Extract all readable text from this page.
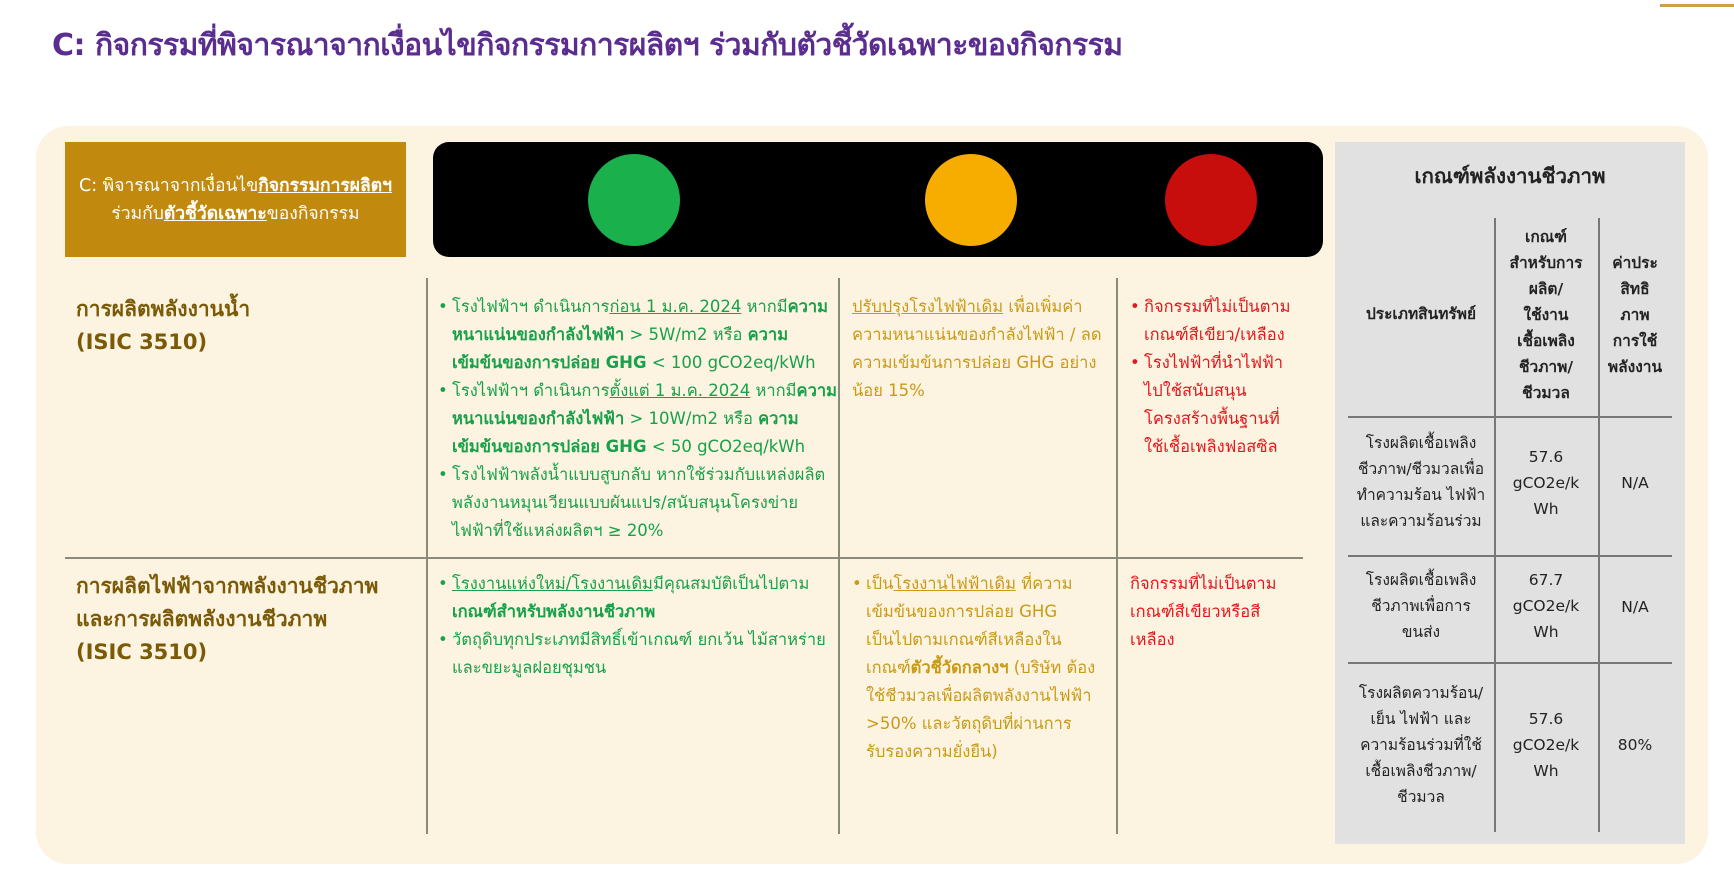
C: กิจกรรมที่พิจารณาจากเงื่อนไขกิจกรรมการผลิตฯ ร่วมกับตัวชี้วัดเฉพาะของกิจกรรม
C: พิจารณาจากเงื่อนไขกิจกรรมการผลิตฯ
ร่วมกับตัวชี้วัดเฉพาะของกิจกรรม
การผลิตพลังงานน้ำ
(ISIC 3510)
• โรงไฟฟ้าฯ ดำเนินการก่อน 1 ม.ค. 2024 หากมีความ
หนาแน่นของกำลังไฟฟ้า > 5W/m2 หรือ ความ
เข้มข้นของการปล่อย GHG < 100 gCO2eq/kWh
• โรงไฟฟ้าฯ ดำเนินการตั้งแต่ 1 ม.ค. 2024 หากมีความ
หนาแน่นของกำลังไฟฟ้า > 10W/m2 หรือ ความ
เข้มข้นของการปล่อย GHG < 50 gCO2eq/kWh
• โรงไฟฟ้าพลังน้ำแบบสูบกลับ หากใช้ร่วมกับแหล่งผลิต
พลังงานหมุนเวียนแบบผันแปร/สนับสนุนโครงข่าย
ไฟฟ้าที่ใช้แหล่งผลิตฯ ≥ 20%
ปรับปรุงโรงไฟฟ้าเดิม เพื่อเพิ่มค่า
ความหนาแน่นของกำลังไฟฟ้า / ลด
ความเข้มข้นการปล่อย GHG อย่าง
น้อย 15%
• กิจกรรมที่ไม่เป็นตาม
เกณฑ์สีเขียว/เหลือง
• โรงไฟฟ้าที่นำไฟฟ้า
ไปใช้สนับสนุน
โครงสร้างพื้นฐานที่
ใช้เชื้อเพลิงฟอสซิล
การผลิตไฟฟ้าจากพลังงานชีวภาพ
และการผลิตพลังงานชีวภาพ
(ISIC 3510)
• โรงงานแห่งใหม่/โรงงานเดิมมีคุณสมบัติเป็นไปตาม
เกณฑ์สำหรับพลังงานชีวภาพ
• วัตถุดิบทุกประเภทมีสิทธิ์เข้าเกณฑ์ ยกเว้น ไม้สาหร่าย
และขยะมูลฝอยชุมชน
• เป็นโรงงานไฟฟ้าเดิม ที่ความ
เข้มข้นของการปล่อย GHG
เป็นไปตามเกณฑ์สีเหลืองใน
เกณฑ์ตัวชี้วัดกลางฯ (บริษัท ต้อง
ใช้ชีวมวลเพื่อผลิตพลังงานไฟฟ้า
>50% และวัตถุดิบที่ผ่านการ
รับรองความยั่งยืน)
กิจกรรมที่ไม่เป็นตาม
เกณฑ์สีเขียวหรือสี
เหลือง
เกณฑ์พลังงานชีวภาพ
ประเภทสินทรัพย์
เกณฑ์
สำหรับการ
ผลิต/
ใช้งาน
เชื้อเพลิง
ชีวภาพ/
ชีวมวล
ค่าประ
สิทธิ
ภาพ
การใช้
พลังงาน
โรงผลิตเชื้อเพลิง
ชีวภาพ/ชีวมวลเพื่อ
ทำความร้อน ไฟฟ้า
และความร้อนร่วม
57.6
gCO2e/k
Wh
N/A
โรงผลิตเชื้อเพลิง
ชีวภาพเพื่อการ
ขนส่ง
67.7
gCO2e/k
Wh
N/A
โรงผลิตความร้อน/
เย็น ไฟฟ้า และ
ความร้อนร่วมที่ใช้
เชื้อเพลิงชีวภาพ/
ชีวมวล
57.6
gCO2e/k
Wh
80%
